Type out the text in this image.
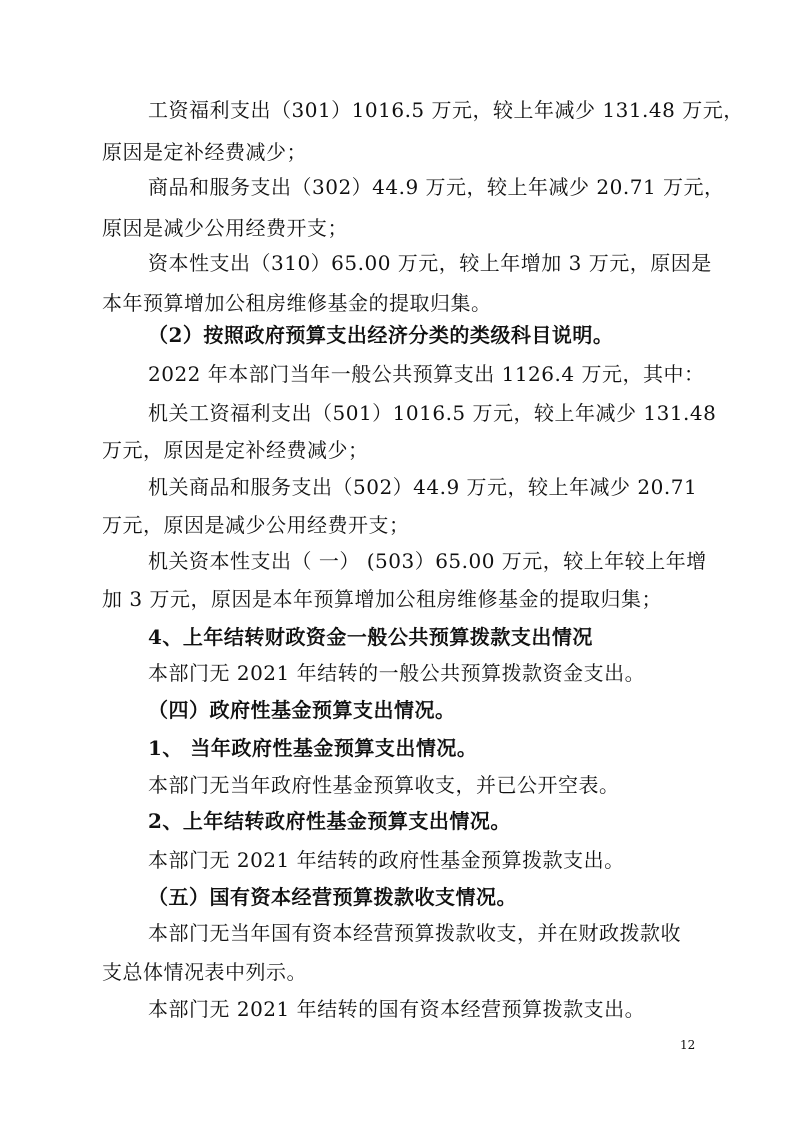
工资福利支出（301）1016.5 万元，较上年减少 131.48 万元，
原因是定补经费减少；
商品和服务支出（302）44.9 万元，较上年减少 20.71 万元，
原因是减少公用经费开支；
资本性支出（310）65.00 万元，较上年增加 3 万元，原因是
本年预算增加公租房维修基金的提取归集。
（2）按照政府预算支出经济分类的类级科目说明。
2022 年本部门当年一般公共预算支出 1126.4 万元，其中：
机关工资福利支出（501）1016.5 万元，较上年减少 131.48
万元，原因是定补经费减少；
机关商品和服务支出（502）44.9 万元，较上年减少 20.71
万元，原因是减少公用经费开支；
机关资本性支出（ 一） (503）65.00 万元，较上年较上年增
加 3 万元，原因是本年预算增加公租房维修基金的提取归集；
4、上年结转财政资金一般公共预算拨款支出情况
本部门无 2021 年结转的一般公共预算拨款资金支出。
（四）政府性基金预算支出情况。
1、 当年政府性基金预算支出情况。
本部门无当年政府性基金预算收支，并已公开空表。
2、上年结转政府性基金预算支出情况。
本部门无 2021 年结转的政府性基金预算拨款支出。
（五）国有资本经营预算拨款收支情况。
本部门无当年国有资本经营预算拨款收支，并在财政拨款收
支总体情况表中列示。
本部门无 2021 年结转的国有资本经营预算拨款支出。
12
